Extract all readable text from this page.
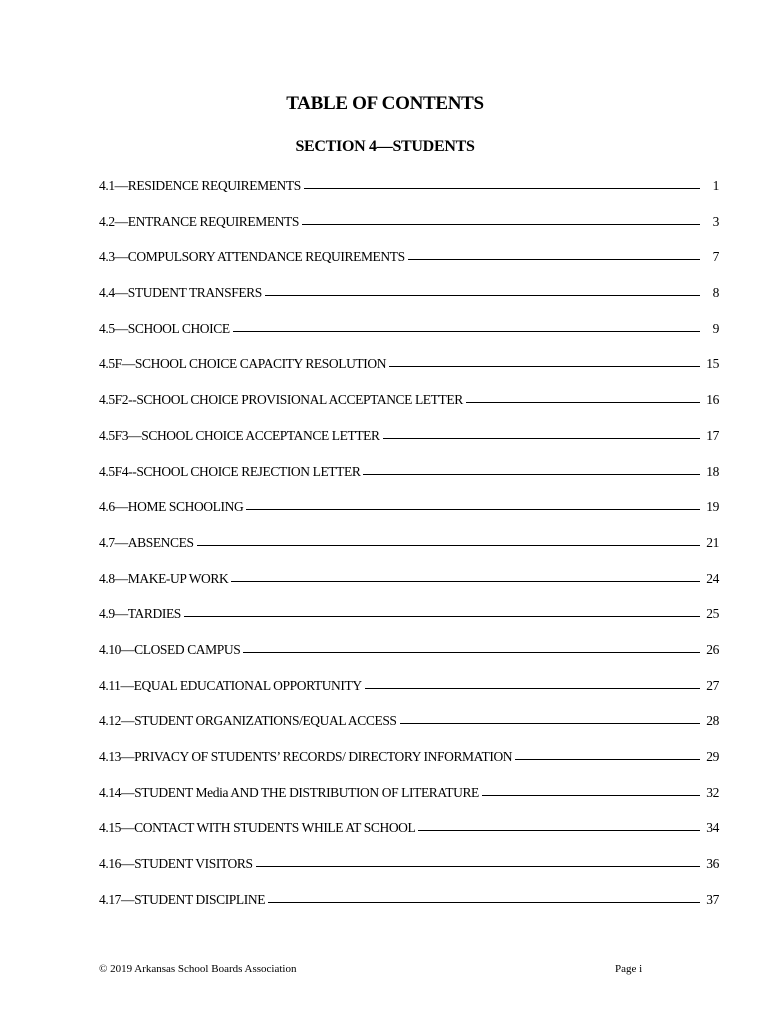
TABLE OF CONTENTS
SECTION 4—STUDENTS
4.1—RESIDENCE REQUIREMENTS	1
4.2—ENTRANCE REQUIREMENTS	3
4.3—COMPULSORY ATTENDANCE REQUIREMENTS	7
4.4—STUDENT TRANSFERS	8
4.5—SCHOOL CHOICE	9
4.5F—SCHOOL CHOICE CAPACITY RESOLUTION	15
4.5F2--SCHOOL CHOICE PROVISIONAL ACCEPTANCE LETTER	16
4.5F3—SCHOOL CHOICE ACCEPTANCE LETTER	17
4.5F4--SCHOOL CHOICE REJECTION LETTER	18
4.6—HOME SCHOOLING	19
4.7—ABSENCES	21
4.8—MAKE-UP WORK	24
4.9—TARDIES	25
4.10—CLOSED CAMPUS	26
4.11—EQUAL EDUCATIONAL OPPORTUNITY	27
4.12—STUDENT ORGANIZATIONS/EQUAL ACCESS	28
4.13—PRIVACY OF STUDENTS’ RECORDS/ DIRECTORY INFORMATION	29
4.14—STUDENT Media AND THE DISTRIBUTION OF LITERATURE	32
4.15—CONTACT WITH STUDENTS WHILE AT SCHOOL	34
4.16—STUDENT VISITORS	36
4.17—STUDENT DISCIPLINE	37

© 2019 Arkansas School Boards Association	Page i
